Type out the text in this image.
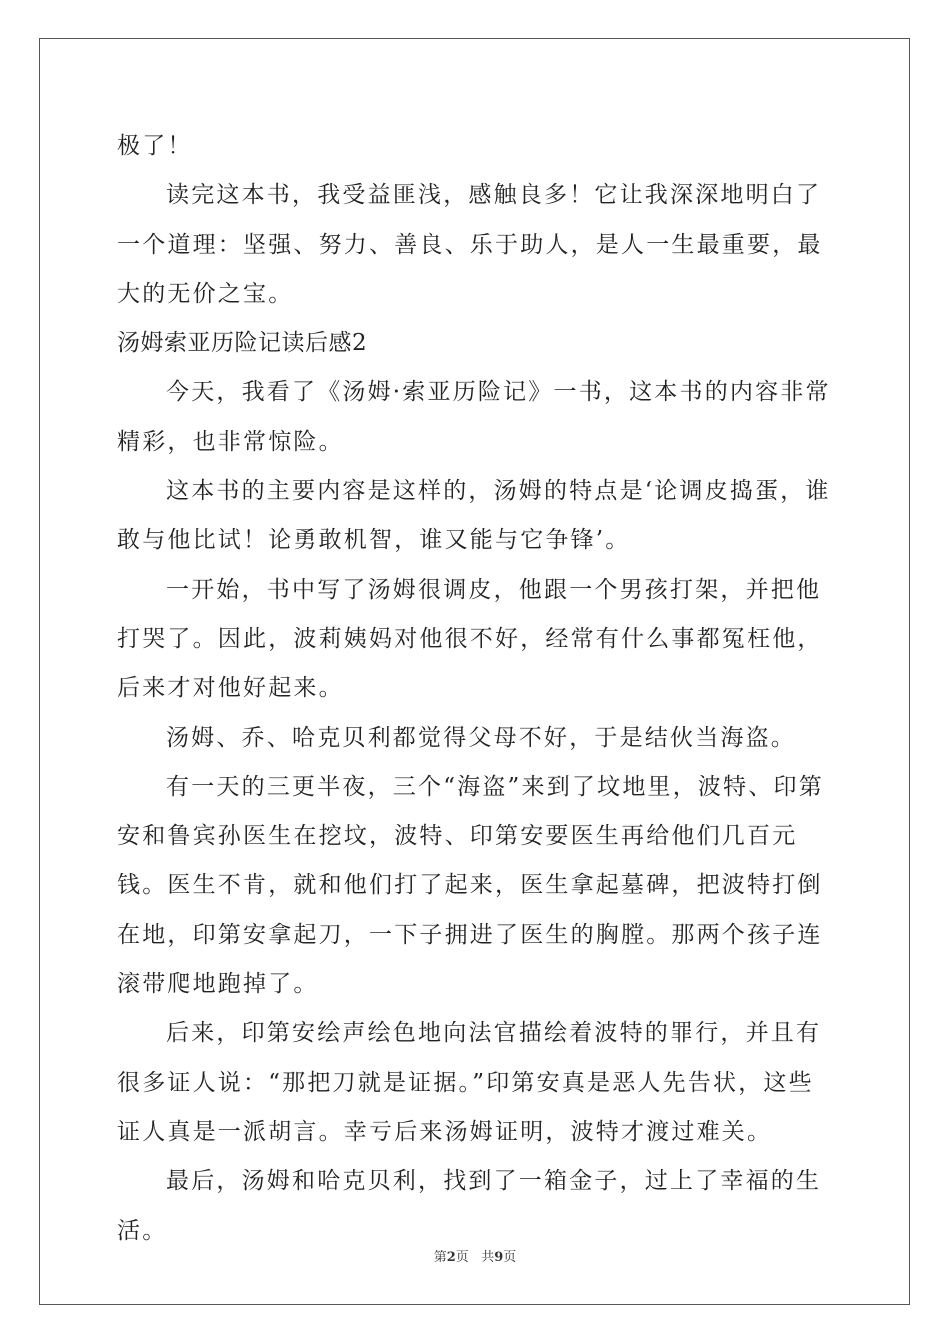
极了！

读完这本书，我受益匪浅，感触良多！它让我深深地明白了一个道理：坚强、努力、善良、乐于助人，是人一生最重要，最大的无价之宝。

汤姆索亚历险记读后感2

今天，我看了《汤姆·索亚历险记》一书，这本书的内容非常精彩，也非常惊险。

这本书的主要内容是这样的，汤姆的特点是‘论调皮捣蛋，谁敢与他比试！论勇敢机智，谁又能与它争锋’。

一开始，书中写了汤姆很调皮，他跟一个男孩打架，并把他打哭了。因此，波莉姨妈对他很不好，经常有什么事都冤枉他，后来才对他好起来。

汤姆、乔、哈克贝利都觉得父母不好，于是结伙当海盗。

有一天的三更半夜，三个“海盗”来到了坟地里，波特、印第安和鲁宾孙医生在挖坟，波特、印第安要医生再给他们几百元钱。医生不肯，就和他们打了起来，医生拿起墓碑，把波特打倒在地，印第安拿起刀，一下子拥进了医生的胸膛。那两个孩子连滚带爬地跑掉了。

后来，印第安绘声绘色地向法官描绘着波特的罪行，并且有很多证人说：“那把刀就是证据。”印第安真是恶人先告状，这些证人真是一派胡言。幸亏后来汤姆证明，波特才渡过难关。

最后，汤姆和哈克贝利，找到了一箱金子，过上了幸福的生活。

第2页 共9页
